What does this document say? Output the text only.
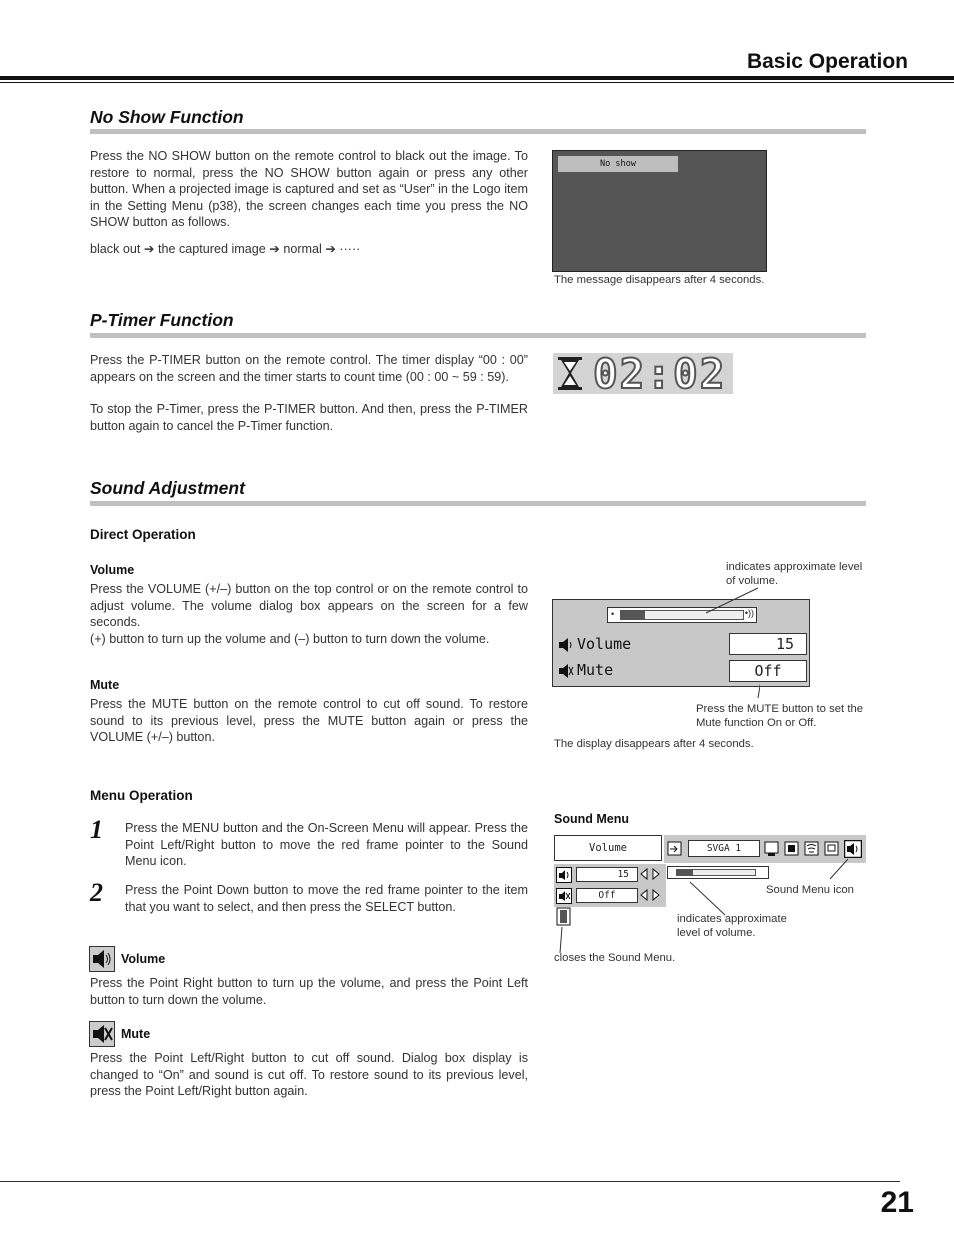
Basic Operation
No Show Function
Press the NO SHOW button on the remote control to black out the image. To restore to normal, press the NO SHOW button again or press any other button. When a projected image is captured and set as “User” in the Logo item in the Setting Menu (p38), the screen changes each time you press the NO SHOW button as follows.
black out ➔ the captured image ➔ normal ➔ ·····
No show
The message disappears after 4 seconds.
P-Timer Function
Press the P-TIMER button on the remote control. The timer display “00 : 00” appears on the screen and the timer starts to count time (00 : 00 ~ 59 : 59).
To stop the P-Timer, press the P-TIMER button. And then, press the P-TIMER button again to cancel the P-Timer function.
02:02
Sound Adjustment
Direct Operation
Volume
Press the VOLUME (+/–) button on the top control or on the remote control to adjust volume. The volume dialog box appears on the screen for a few seconds.
(+) button to turn up the volume and (–) button to turn down the volume.
Mute
Press the MUTE button on the remote control to cut off sound. To restore sound to its previous level, press the MUTE button again or press the VOLUME (+/–) button.
indicates approximate level of volume.
•	•))
Volume	15
Mute	Off
Press the MUTE button to set the Mute function On or Off.
The display disappears after 4 seconds.
Menu Operation
1 Press the MENU button and the On-Screen Menu will appear. Press the Point Left/Right button to move the red frame pointer to the Sound Menu icon.
2 Press the Point Down button to move the red frame pointer to the item that you want to select, and then press the SELECT button.
Volume
Press the Point Right button to turn up the volume, and press the Point Left button to turn down the volume.
Mute
Press the Point Left/Right button to cut off sound. Dialog box display is changed to “On” and sound is cut off. To restore sound to its previous level, press the Point Left/Right button again.
Sound Menu
Volume	SVGA 1
15
Off	Sound Menu icon
indicates approximate level of volume.
closes the Sound Menu.
21
